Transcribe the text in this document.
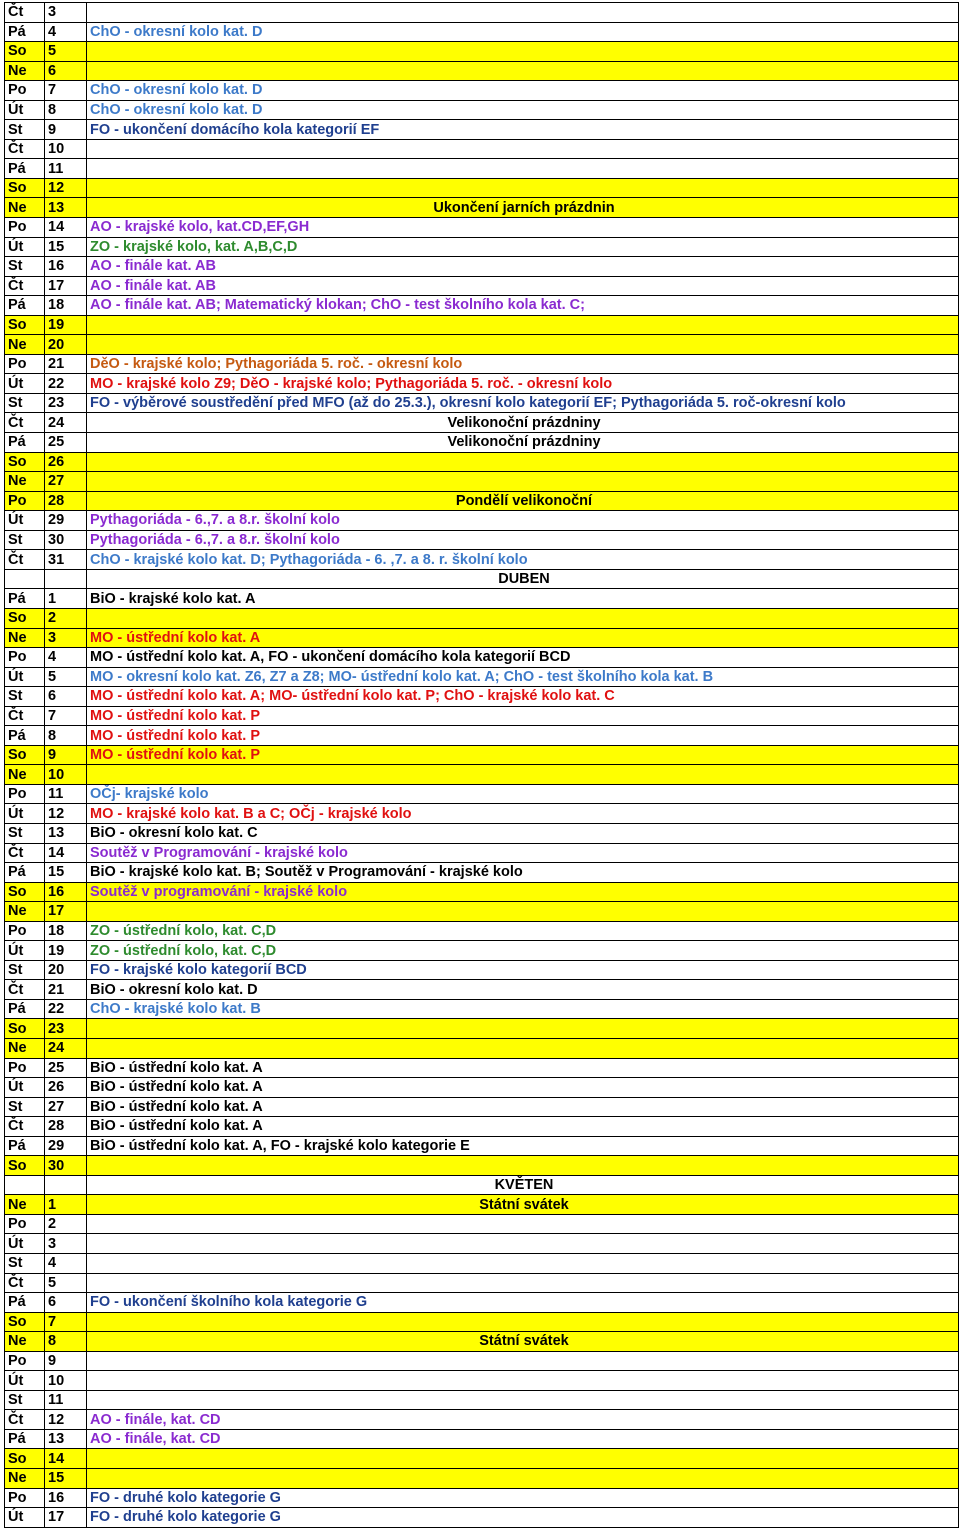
Čt	3	
Pá	4	ChO - okresní kolo kat. D
So	5	
Ne	6	
Po	7	ChO - okresní kolo kat. D
Út	8	ChO - okresní kolo kat. D
St	9	FO - ukončení domácího kola kategorií EF
Čt	10	
Pá	11	
So	12	
Ne	13	Ukončení jarních prázdnin
Po	14	AO - krajské kolo, kat.CD,EF,GH
Út	15	ZO - krajské kolo, kat. A,B,C,D
St	16	AO - finále kat. AB
Čt	17	AO - finále kat. AB
Pá	18	AO - finále kat. AB; Matematický klokan; ChO - test školního kola kat. C;
So	19	
Ne	20	
Po	21	DěO - krajské kolo; Pythagoriáda 5. roč. - okresní kolo
Út	22	MO - krajské kolo Z9; DěO - krajské kolo; Pythagoriáda 5. roč. - okresní kolo
St	23	FO - výběrové soustředění před MFO (až do 25.3.), okresní kolo kategorií EF; Pythagoriáda 5. roč-okresní kolo
Čt	24	Velikonoční prázdniny
Pá	25	Velikonoční prázdniny
So	26	
Ne	27	
Po	28	Pondělí velikonoční
Út	29	Pythagoriáda - 6.,7. a 8.r. školní kolo
St	30	Pythagoriáda - 6.,7. a 8.r. školní kolo
Čt	31	ChO - krajské kolo kat. D; Pythagoriáda - 6. ,7. a 8. r. školní kolo
		DUBEN
Pá	1	BiO - krajské kolo kat. A
So	2	
Ne	3	MO - ústřední kolo kat. A
Po	4	MO - ústřední kolo kat. A, FO - ukončení domácího kola kategorií BCD
Út	5	MO - okresní kolo kat. Z6, Z7 a Z8; MO- ústřední kolo kat. A; ChO - test školního kola kat. B
St	6	MO - ústřední kolo kat. A; MO- ústřední kolo kat. P; ChO - krajské kolo kat. C
Čt	7	MO - ústřední kolo kat. P
Pá	8	MO - ústřední kolo kat. P
So	9	MO - ústřední kolo kat. P
Ne	10	
Po	11	OČj- krajské kolo
Út	12	MO - krajské kolo kat. B a C; OČj - krajské kolo
St	13	BiO - okresní kolo kat. C
Čt	14	Soutěž v Programování - krajské kolo
Pá	15	BiO - krajské kolo kat. B; Soutěž v Programování - krajské kolo
So	16	Soutěž v programování - krajské kolo
Ne	17	
Po	18	ZO - ústřední kolo, kat. C,D
Út	19	ZO - ústřední kolo, kat. C,D
St	20	FO - krajské kolo kategorií BCD
Čt	21	BiO - okresní kolo kat. D
Pá	22	ChO - krajské kolo kat. B
So	23	
Ne	24	
Po	25	BiO - ústřední kolo kat. A
Út	26	BiO - ústřední kolo kat. A
St	27	BiO - ústřední kolo kat. A
Čt	28	BiO - ústřední kolo kat. A
Pá	29	BiO - ústřední kolo kat. A, FO - krajské kolo kategorie E
So	30	
		KVĚTEN
Ne	1	Státní svátek
Po	2	
Út	3	
St	4	
Čt	5	
Pá	6	FO - ukončení školního kola kategorie G
So	7	
Ne	8	Státní svátek
Po	9	
Út	10	
St	11	
Čt	12	AO - finále, kat. CD
Pá	13	AO - finále, kat. CD
So	14	
Ne	15	
Po	16	FO - druhé kolo kategorie G
Út	17	FO - druhé kolo kategorie G
